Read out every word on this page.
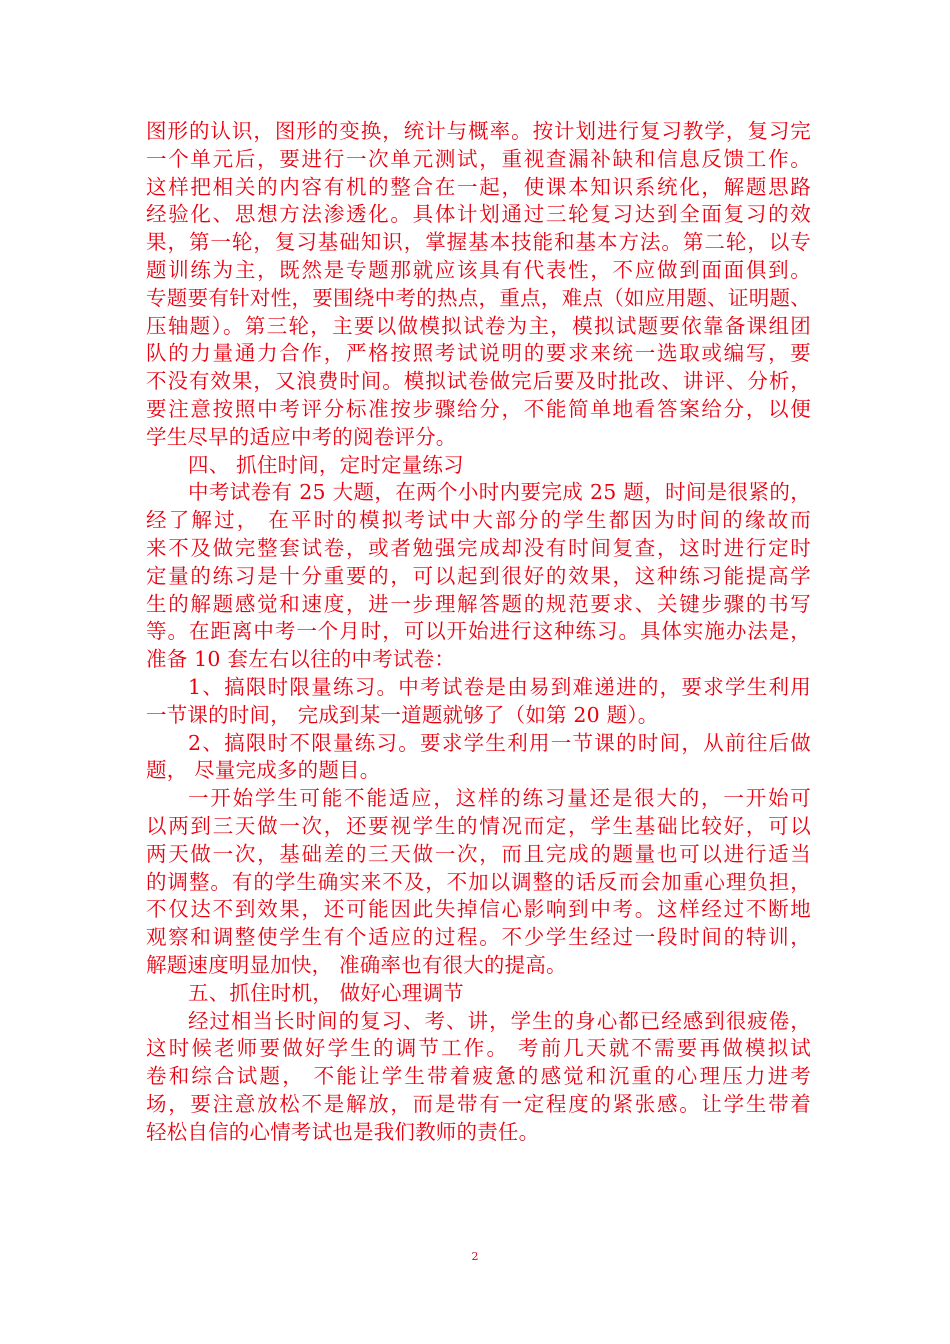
图形的认识，图形的变换，统计与概率。按计划进行复习教学，复习完
一个单元后，要进行一次单元测试，重视查漏补缺和信息反馈工作。
这样把相关的内容有机的整合在一起，使课本知识系统化，解题思路
经验化、思想方法渗透化。具体计划通过三轮复习达到全面复习的效
果，第一轮，复习基础知识，掌握基本技能和基本方法。第二轮，以专
题训练为主，既然是专题那就应该具有代表性，不应做到面面俱到。
专题要有针对性，要围绕中考的热点，重点，难点（如应用题、证明题、
压轴题）。第三轮，主要以做模拟试卷为主，模拟试题要依靠备课组团
队的力量通力合作，严格按照考试说明的要求来统一选取或编写，要
不没有效果，又浪费时间。模拟试卷做完后要及时批改、讲评、分析，
要注意按照中考评分标准按步骤给分，不能简单地看答案给分，以便
学生尽早的适应中考的阅卷评分。
四、 抓住时间，定时定量练习
中考试卷有 25 大题，在两个小时内要完成 25 题，时间是很紧的，
经了解过， 在平时的模拟考试中大部分的学生都因为时间的缘故而
来不及做完整套试卷，或者勉强完成却没有时间复查，这时进行定时
定量的练习是十分重要的，可以起到很好的效果，这种练习能提高学
生的解题感觉和速度，进一步理解答题的规范要求、关键步骤的书写
等。在距离中考一个月时，可以开始进行这种练习。具体实施办法是，
准备 10 套左右以往的中考试卷：
1、搞限时限量练习。中考试卷是由易到难递进的，要求学生利用
一节课的时间， 完成到某一道题就够了（如第 20 题）。
2、搞限时不限量练习。要求学生利用一节课的时间，从前往后做
题， 尽量完成多的题目。
一开始学生可能不能适应，这样的练习量还是很大的，一开始可
以两到三天做一次，还要视学生的情况而定，学生基础比较好，可以
两天做一次，基础差的三天做一次，而且完成的题量也可以进行适当
的调整。有的学生确实来不及，不加以调整的话反而会加重心理负担，
不仅达不到效果，还可能因此失掉信心影响到中考。这样经过不断地
观察和调整使学生有个适应的过程。不少学生经过一段时间的特训，
解题速度明显加快， 准确率也有很大的提高。
五、抓住时机， 做好心理调节
经过相当长时间的复习、考、讲，学生的身心都已经感到很疲倦，
这时候老师要做好学生的调节工作。 考前几天就不需要再做模拟试
卷和综合试题， 不能让学生带着疲惫的感觉和沉重的心理压力进考
场，要注意放松不是解放，而是带有一定程度的紧张感。让学生带着
轻松自信的心情考试也是我们教师的责任。
2
